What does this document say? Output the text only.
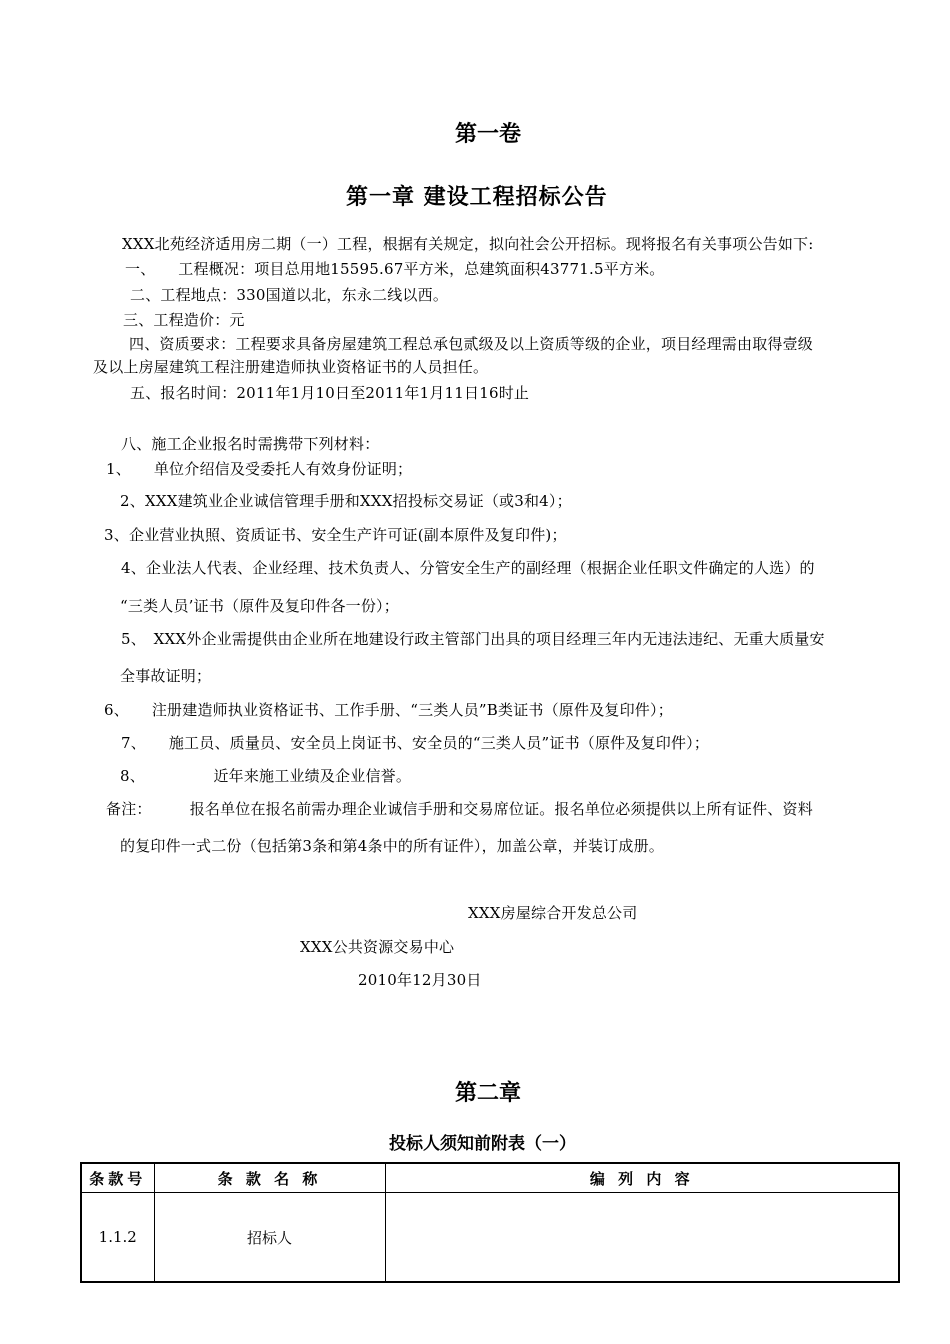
第一卷
第一章 建设工程招标公告
XXX北苑经济适用房二期（一）工程，根据有关规定，拟向社会公开招标。现将报名有关事项公告如下:
一、　　工程概况：项目总用地15595.67平方米，总建筑面积43771.5平方米。
二、工程地点：330国道以北，东永二线以西。
三、工程造价：元
四、资质要求：工程要求具备房屋建筑工程总承包贰级及以上资质等级的企业，项目经理需由取得壹级
及以上房屋建筑工程注册建造师执业资格证书的人员担任。
五、报名时间：2011年1月10日至2011年1月11日16时止
八、施工企业报名时需携带下列材料：
1、　　单位介绍信及受委托人有效身份证明；
2、XXX建筑业企业诚信管理手册和XXX招投标交易证（或3和4）；
3、企业营业执照、资质证书、安全生产许可证(副本原件及复印件)；
4、企业法人代表、企业经理、技术负责人、分管安全生产的副经理（根据企业任职文件确定的人选）的
“三类人员’证书（原件及复印件各一份）；
5、　XXX外企业需提供由企业所在地建设行政主管部门出具的项目经理三年内无违法违纪、无重大质量安
全事故证明；
6、　　注册建造师执业资格证书、工作手册、“三类人员”B类证书（原件及复印件）；
7、　　施工员、质量员、安全员上岗证书、安全员的“三类人员”证书（原件及复印件）；
8、　　　　　近年来施工业绩及企业信誉。
备注：　　　报名单位在报名前需办理企业诚信手册和交易席位证。报名单位必须提供以上所有证件、资料
的复印件一式二份（包括第3条和第4条中的所有证件），加盖公章，并装订成册。
XXX房屋综合开发总公司
XXX公共资源交易中心
2010年12月30日
第二章
投标人须知前附表（一）
条款号	条 款 名 称	编 列 内 容
1.1.2	招标人	
